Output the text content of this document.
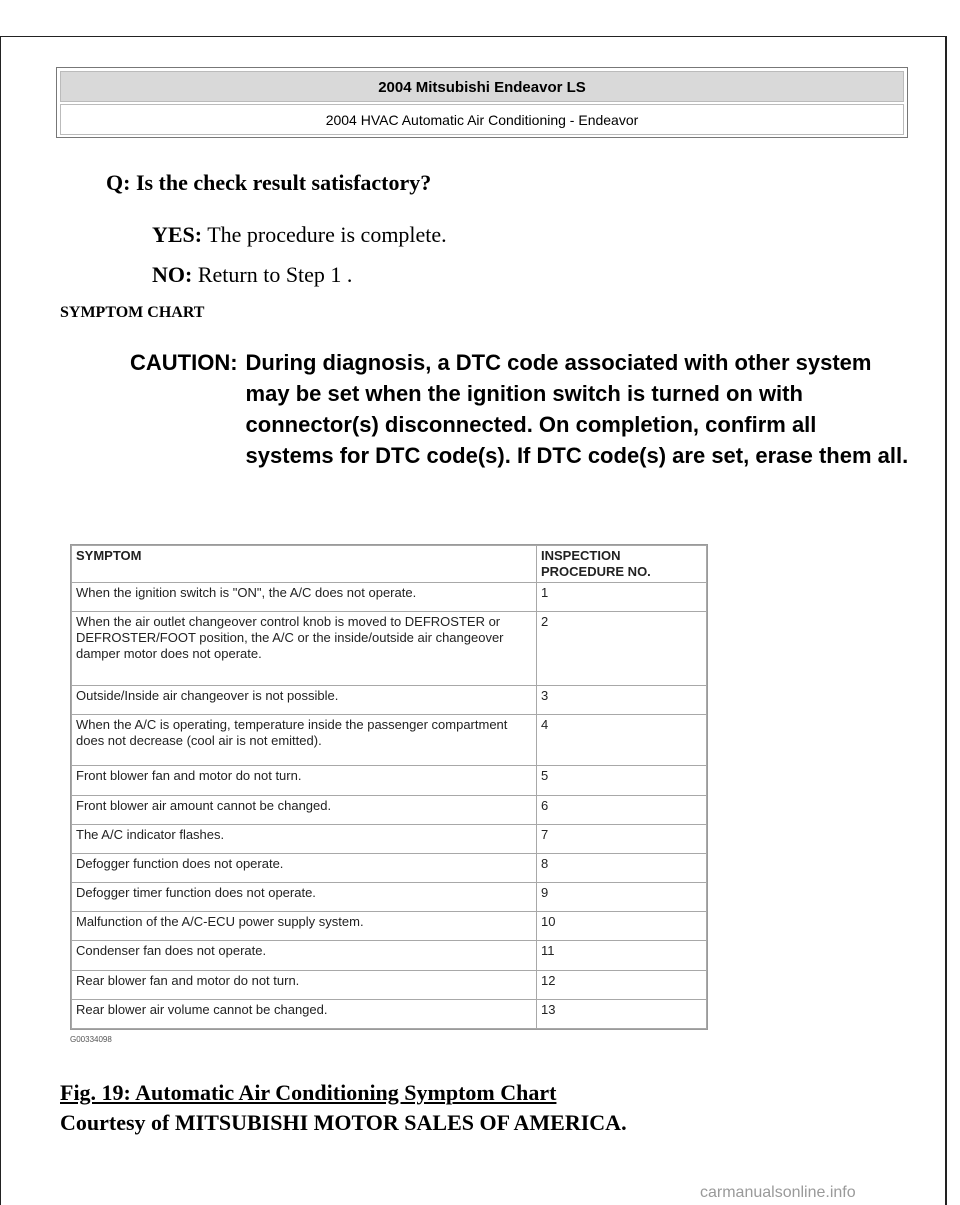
2004 Mitsubishi Endeavor LS
2004 HVAC Automatic Air Conditioning - Endeavor
Q: Is the check result satisfactory?
YES: The procedure is complete.
NO: Return to Step 1 .
SYMPTOM CHART
CAUTION: During diagnosis, a DTC code associated with other system may be set when the ignition switch is turned on with connector(s) disconnected. On completion, confirm all systems for DTC code(s). If DTC code(s) are set, erase them all.
SYMPTOM	INSPECTION PROCEDURE NO.
When the ignition switch is "ON", the A/C does not operate.	1
When the air outlet changeover control knob is moved to DEFROSTER or DEFROSTER/FOOT position, the A/C or the inside/outside air changeover damper motor does not operate.	2
Outside/Inside air changeover is not possible.	3
When the A/C is operating, temperature inside the passenger compartment does not decrease (cool air is not emitted).	4
Front blower fan and motor do not turn.	5
Front blower air amount cannot be changed.	6
The A/C indicator flashes.	7
Defogger function does not operate.	8
Defogger timer function does not operate.	9
Malfunction of the A/C-ECU power supply system.	10
Condenser fan does not operate.	11
Rear blower fan and motor do not turn.	12
Rear blower air volume cannot be changed.	13
G00334098
Fig. 19: Automatic Air Conditioning Symptom Chart
Courtesy of MITSUBISHI MOTOR SALES OF AMERICA.
carmanualsonline.info
